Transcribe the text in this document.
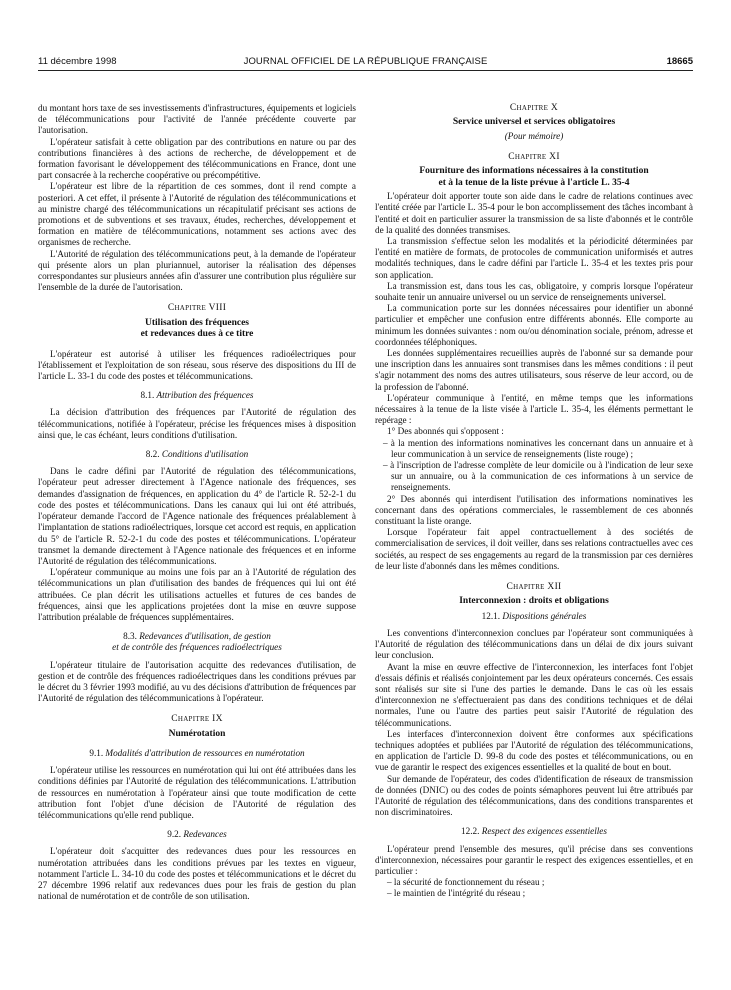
11 décembre 1998	JOURNAL OFFICIEL DE LA RÉPUBLIQUE FRANÇAISE	18665

du montant hors taxe de ses investissements d'infrastructures, équipements et logiciels de télécommunications pour l'activité de l'année précédente couverte par l'autorisation.

L'opérateur satisfait à cette obligation par des contributions en nature ou par des contributions financières à des actions de recherche, de développement et de formation favorisant le développement des télécommunications en France, dont une part consacrée à la recherche coopérative ou précompétitive.

L'opérateur est libre de la répartition de ces sommes, dont il rend compte a posteriori. A cet effet, il présente à l'Autorité de régulation des télécommunications et au ministre chargé des télécommunications un récapitulatif précisant ses actions de promotions et de subventions et ses travaux, études, recherches, développement et formation en matière de télécommunications, notamment ses actions avec des organismes de recherche.

L'Autorité de régulation des télécommunications peut, à la demande de l'opérateur qui présente alors un plan pluriannuel, autoriser la réalisation des dépenses correspondantes sur plusieurs années afin d'assurer une contribution plus régulière sur l'ensemble de la durée de l'autorisation.

Chapitre VIII
Utilisation des fréquences
et redevances dues à ce titre

L'opérateur est autorisé à utiliser les fréquences radioélectriques pour l'établissement et l'exploitation de son réseau, sous réserve des dispositions du III de l'article L. 33-1 du code des postes et télécommunications.

8.1. Attribution des fréquences

La décision d'attribution des fréquences par l'Autorité de régulation des télécommunications, notifiée à l'opérateur, précise les fréquences mises à disposition ainsi que, le cas échéant, leurs conditions d'utilisation.

8.2. Conditions d'utilisation

Dans le cadre défini par l'Autorité de régulation des télécommunications, l'opérateur peut adresser directement à l'Agence nationale des fréquences, ses demandes d'assignation de fréquences, en application du 4° de l'article R. 52-2-1 du code des postes et télécommunications. Dans les canaux qui lui ont été attribués, l'opérateur demande l'accord de l'Agence nationale des fréquences préalablement à l'implantation de stations radioélectriques, lorsque cet accord est requis, en application du 5° de l'article R. 52-2-1 du code des postes et télécommunications. L'opérateur transmet la demande directement à l'Agence nationale des fréquences et en informe l'Autorité de régulation des télécommunications.

L'opérateur communique au moins une fois par an à l'Autorité de régulation des télécommunications un plan d'utilisation des bandes de fréquences qui lui ont été attribuées. Ce plan décrit les utilisations actuelles et futures de ces bandes de fréquences, ainsi que les applications projetées dont la mise en œuvre suppose l'attribution préalable de fréquences supplémentaires.

8.3. Redevances d'utilisation, de gestion
et de contrôle des fréquences radioélectriques

L'opérateur titulaire de l'autorisation acquitte des redevances d'utilisation, de gestion et de contrôle des fréquences radioélectriques dans les conditions prévues par le décret du 3 février 1993 modifié, au vu des décisions d'attribution de fréquences par l'Autorité de régulation des télécommunications à l'opérateur.

Chapitre IX
Numérotation
9.1. Modalités d'attribution de ressources en numérotation

L'opérateur utilise les ressources en numérotation qui lui ont été attribuées dans les conditions définies par l'Autorité de régulation des télécommunications. L'attribution de ressources en numérotation à l'opérateur ainsi que toute modification de cette attribution font l'objet d'une décision de l'Autorité de régulation des télécommunications qu'elle rend publique.

9.2. Redevances

L'opérateur doit s'acquitter des redevances dues pour les ressources en numérotation attribuées dans les conditions prévues par les textes en vigueur, notamment l'article L. 34-10 du code des postes et télécommunications et le décret du 27 décembre 1996 relatif aux redevances dues pour les frais de gestion du plan national de numérotation et de contrôle de son utilisation.

Chapitre X
Service universel et services obligatoires
(Pour mémoire)
Chapitre XI
Fourniture des informations nécessaires à la constitution
et à la tenue de la liste prévue à l'article L. 35-4

L'opérateur doit apporter toute son aide dans le cadre de relations continues avec l'entité créée par l'article L. 35-4 pour le bon accomplissement des tâches incombant à l'entité et doit en particulier assurer la transmission de sa liste d'abonnés et le contrôle de la qualité des données transmises.

La transmission s'effectue selon les modalités et la périodicité déterminées par l'entité en matière de formats, de protocoles de communication uniformisés et autres modalités techniques, dans le cadre défini par l'article L. 35-4 et les textes pris pour son application.

La transmission est, dans tous les cas, obligatoire, y compris lorsque l'opérateur souhaite tenir un annuaire universel ou un service de renseignements universel.

La communication porte sur les données nécessaires pour identifier un abonné particulier et empêcher une confusion entre différents abonnés. Elle comporte au minimum les données suivantes : nom ou/ou dénomination sociale, prénom, adresse et coordonnées téléphoniques.

Les données supplémentaires recueillies auprès de l'abonné sur sa demande pour une inscription dans les annuaires sont transmises dans les mêmes conditions : il peut s'agir notamment des noms des autres utilisateurs, sous réserve de leur accord, ou de la profession de l'abonné.

L'opérateur communique à l'entité, en même temps que les informations nécessaires à la tenue de la liste visée à l'article L. 35-4, les éléments permettant le repérage :

1° Des abonnés qui s'opposent :

– à la mention des informations nominatives les concernant dans un annuaire et à leur communication à un service de renseignements (liste rouge) ;

– à l'inscription de l'adresse complète de leur domicile ou à l'indication de leur sexe sur un annuaire, ou à la communication de ces informations à un service de renseignements.

2° Des abonnés qui interdisent l'utilisation des informations nominatives les concernant dans des opérations commerciales, le rassemblement de ces abonnés constituant la liste orange.

Lorsque l'opérateur fait appel contractuellement à des sociétés de commercialisation de services, il doit veiller, dans ses relations contractuelles avec ces sociétés, au respect de ses engagements au regard de la transmission par ces dernières de leur liste d'abonnés dans les mêmes conditions.

Chapitre XII
Interconnexion : droits et obligations
12.1. Dispositions générales

Les conventions d'interconnexion conclues par l'opérateur sont communiquées à l'Autorité de régulation des télécommunications dans un délai de dix jours suivant leur conclusion.

Avant la mise en œuvre effective de l'interconnexion, les interfaces font l'objet d'essais définis et réalisés conjointement par les deux opérateurs concernés. Ces essais sont réalisés sur site si l'une des parties le demande. Dans le cas où les essais d'interconnexion ne s'effectueraient pas dans des conditions techniques et de délai normales, l'une ou l'autre des parties peut saisir l'Autorité de régulation des télécommunications.

Les interfaces d'interconnexion doivent être conformes aux spécifications techniques adoptées et publiées par l'Autorité de régulation des télécommunications, en application de l'article D. 99-8 du code des postes et télécommunications, ou en vue de garantir le respect des exigences essentielles et la qualité de bout en bout.

Sur demande de l'opérateur, des codes d'identification de réseaux de transmission de données (DNIC) ou des codes de points sémaphores peuvent lui être attribués par l'Autorité de régulation des télécommunications, dans des conditions transparentes et non discriminatoires.

12.2. Respect des exigences essentielles

L'opérateur prend l'ensemble des mesures, qu'il précise dans ses conventions d'interconnexion, nécessaires pour garantir le respect des exigences essentielles, et en particulier :

– la sécurité de fonctionnement du réseau ;

– le maintien de l'intégrité du réseau ;
